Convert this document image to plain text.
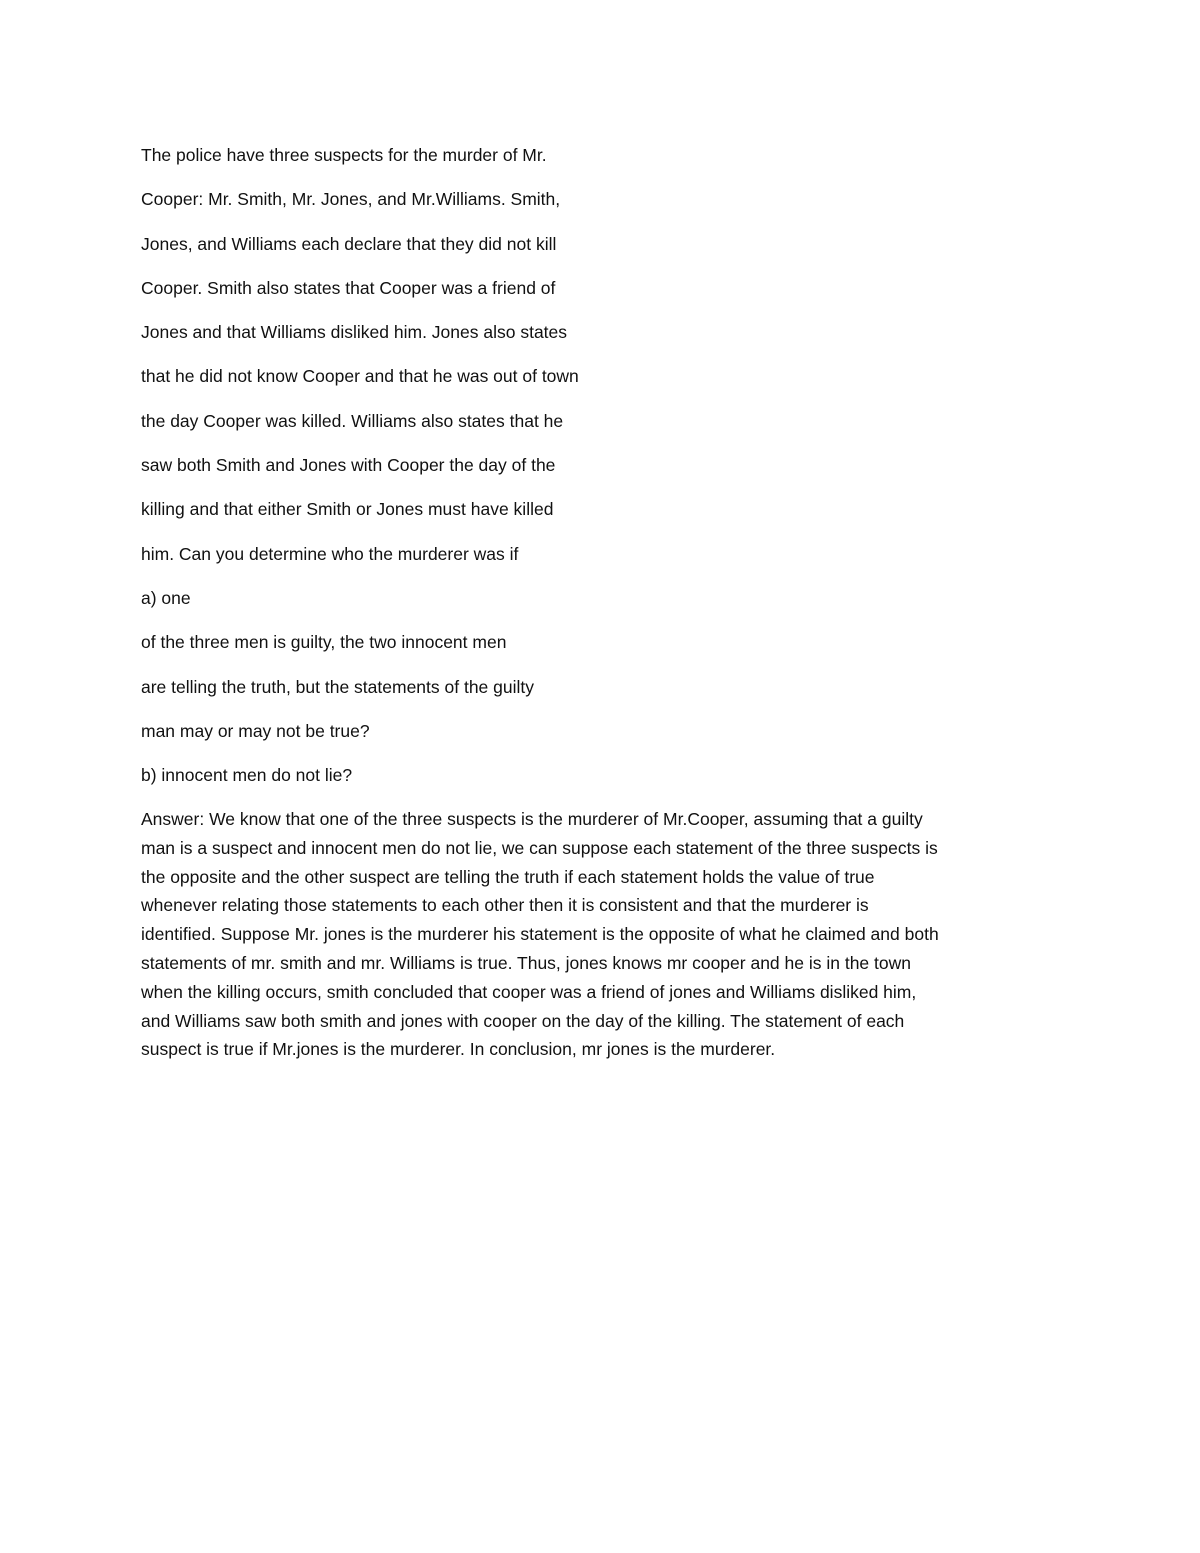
The police have three suspects for the murder of Mr.

Cooper: Mr. Smith, Mr. Jones, and Mr.Williams. Smith,

Jones, and Williams each declare that they did not kill

Cooper. Smith also states that Cooper was a friend of

Jones and that Williams disliked him. Jones also states

that he did not know Cooper and that he was out of town

the day Cooper was killed. Williams also states that he

saw both Smith and Jones with Cooper the day of the

killing and that either Smith or Jones must have killed

him. Can you determine who the murderer was if

a) one

of the three men is guilty, the two innocent men

are telling the truth, but the statements of the guilty

man may or may not be true?

b) innocent men do not lie?

Answer: We know that one of the three suspects is the murderer of Mr.Cooper, assuming that a guilty

man is a suspect and innocent men do not lie, we can suppose each statement of the three suspects is

the opposite and the other suspect are telling the truth if each statement holds the value of true

whenever relating those statements to each other then it is consistent and that the murderer is

identified. Suppose Mr. jones is the murderer his statement is the opposite of what he claimed and both

statements of mr. smith and mr. Williams is true. Thus, jones knows mr cooper and he is in the town

when the killing occurs, smith concluded that cooper was a friend of jones and Williams disliked him,

and Williams saw both smith and jones with cooper on the day of the killing. The statement of each

suspect is true if Mr.jones is the murderer. In conclusion, mr jones is the murderer.
